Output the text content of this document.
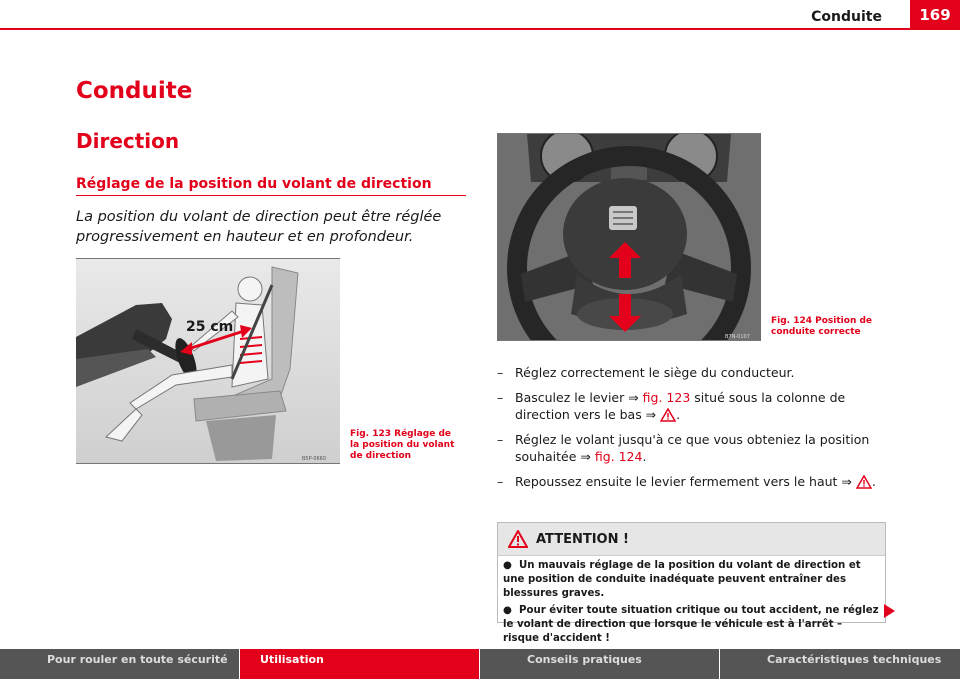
Conduite	169
Conduite
Direction
Réglage de la position du volant de direction
La position du volant de direction peut être réglée progressivement en hauteur et en profondeur.
25 cm
B5P-0660
Fig. 123 Réglage de la position du volant de direction
B7N-0107
Fig. 124 Position de conduite correcte
– Réglez correctement le siège du conducteur.
– Basculez le levier ⇒ fig. 123 situé sous la colonne de direction vers le bas ⇒ .
– Réglez le volant jusqu'à ce que vous obteniez la position souhaitée ⇒ fig. 124.
– Repoussez ensuite le levier fermement vers le haut ⇒ .
ATTENTION !
●  Un mauvais réglage de la position du volant de direction et une position de conduite inadéquate peuvent entraîner des blessures graves.
●  Pour éviter toute situation critique ou tout accident, ne réglez le volant de direction que lorsque le véhicule est à l'arrêt – risque d'accident !
Pour rouler en toute sécurité	Utilisation	Conseils pratiques	Caractéristiques techniques
